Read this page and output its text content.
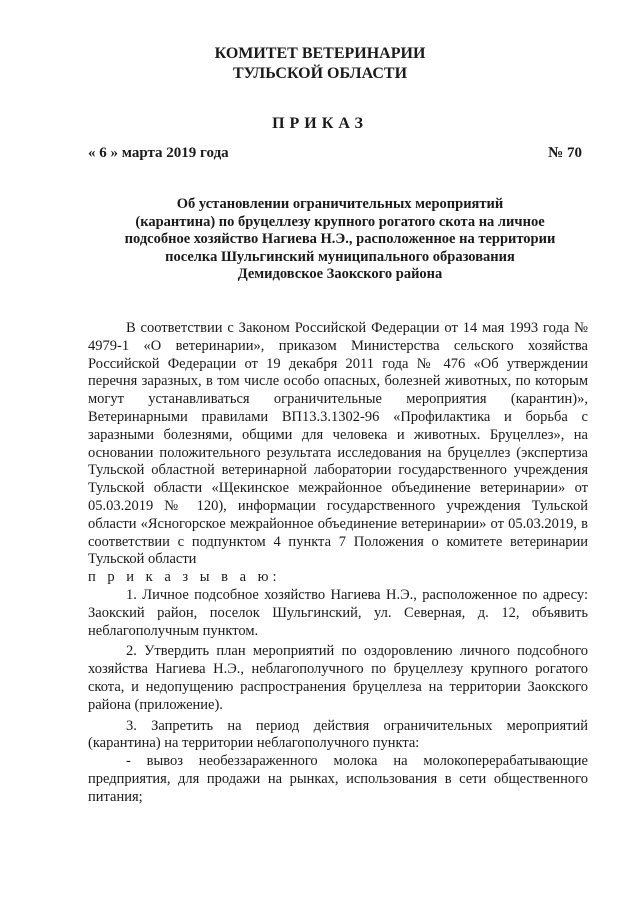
КОМИТЕТ ВЕТЕРИНАРИИ
ТУЛЬСКОЙ ОБЛАСТИ
ПРИКАЗ
« 6 » марта 2019 года	№ 70
Об установлении ограничительных мероприятий
(карантина) по бруцеллезу крупного рогатого скота на личное
подсобное хозяйство Нагиева Н.Э., расположенное на территории
поселка Шульгинский муниципального образования
Демидовское Заокского района

В соответствии с Законом Российской Федерации от 14 мая 1993 года № 4979-1 «О ветеринарии», приказом Министерства сельского хозяйства Российской Федерации от 19 декабря 2011 года № 476 «Об утверждении перечня заразных, в том числе особо опасных, болезней животных, по которым могут устанавливаться ограничительные мероприятия (карантин)», Ветеринарными правилами ВП13.3.1302-96 «Профилактика и борьба с заразными болезнями, общими для человека и животных. Бруцеллез», на основании положительного результата исследования на бруцеллез (экспертиза Тульской областной ветеринарной лаборатории государственного учреждения Тульской области «Щекинское межрайонное объединение ветеринарии» от 05.03.2019 № 120), информации государственного учреждения Тульской области «Ясногорское межрайонное объединение ветеринарии» от 05.03.2019, в соответствии с подпунктом 4 пункта 7 Положения о комитете ветеринарии Тульской области

п р и к а з ы в а ю:

1. Личное подсобное хозяйство Нагиева Н.Э., расположенное по адресу: Заокский район, поселок Шульгинский, ул. Северная, д. 12, объявить неблагополучным пунктом.

2. Утвердить план мероприятий по оздоровлению личного подсобного хозяйства Нагиева Н.Э., неблагополучного по бруцеллезу крупного рогатого скота, и недопущению распространения бруцеллеза на территории Заокского района (приложение).

3. Запретить на период действия ограничительных мероприятий (карантина) на территории неблагополучного пункта:

- вывоз необеззараженного молока на молокоперерабатывающие предприятия, для продажи на рынках, использования в сети общественного питания;
